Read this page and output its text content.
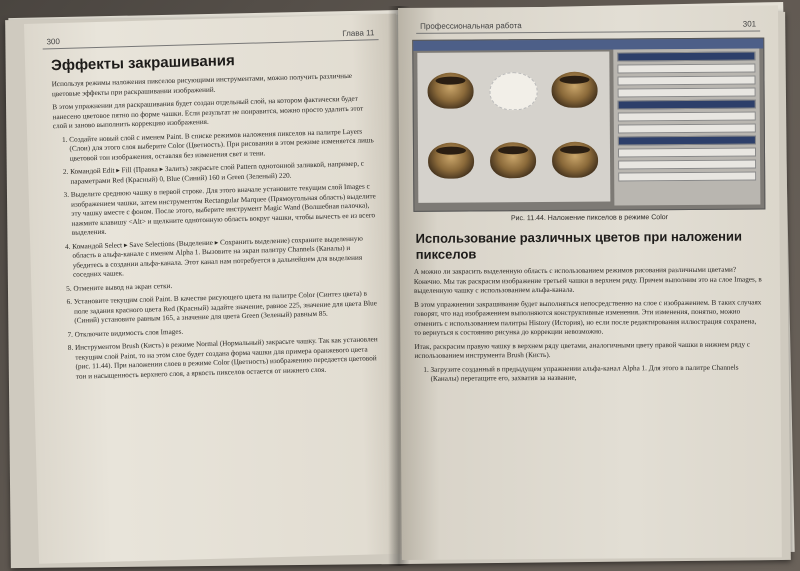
300
Глава 11
Эффекты закрашивания

Используя режимы наложения пикселов рисующими инструментами, можно получить различные цветовые эффекты при раскрашивании изображений.

В этом упражнении для раскрашивания будет создан отдельный слой, на котором фактически будет нанесено цветовое пятно по форме чашки. Если результат не понравится, можно просто удалить этот слой и заново выполнить коррекцию изображения.

1. Создайте новый слой с именем Paint. В списке режимов наложения пикселов на палитре Layers (Слои) для этого слоя выберите Color (Цветность). При рисовании в этом режиме изменяется лишь цветовой тон изображения, оставляя без изменения свет и тени.
2. Командой Edit ▸ Fill (Правка ▸ Залить) закрасьте слой Pattern однотонной заливкой, например, с параметрами Red (Красный) 0, Blue (Синий) 160 и Green (Зеленый) 220.
3. Выделите среднюю чашку в первой строке. Для этого вначале установите текущим слой Images с изображением чашки, затем инструментом Rectangular Marquee (Прямоугольная область) выделите эту чашку вместе с фоном. После этого, выберите инструмент Magic Wand (Волшебная палочка), нажмите клавишу <Alt> и щелкните однотонную область вокруг чашки, чтобы вычесть ее из всего выделения.
4. Командой Select ▸ Save Selections (Выделение ▸ Сохранить выделение) сохраните выделенную область в альфа-канале с именем Alpha 1. Вызовите на экран палитру Channels (Каналы) и убедитесь в создании альфа-канала. Этот канал нам потребуется в дальнейшем для выделения соседних чашек.
5. Отмените вывод на экран сетки.
6. Установите текущим слой Paint. В качестве рисующего цвета на палитре Color (Синтез цвета) в поле задания красного цвета Red (Красный) задайте значение, равное 225, значение для цвета Blue (Синий) установите равным 165, а значение для цвета Green (Зеленый) равным 85.
7. Отключите видимость слоя Images.
8. Инструментом Brush (Кисть) в режиме Normal (Нормальный) закрасьте чашку. Так как установлен текущим слой Paint, то на этом слое будет создана форма чашки для примера оранжевого цвета (рис. 11.44). При наложении слоев в режиме Color (Цветность) изображению передается цветовой тон и насыщенность верхнего слоя, а яркость пикселов остается от нижнего слоя.
Профессиональная работа	301
Рис. 11.44. Наложение пикселов в режиме Color
Использование различных цветов при наложении пикселов

А можно ли закрасить выделенную область с использованием режимов рисования различными цветами? Конечно. Мы так раскрасим изображение третьей чашки в верхнем ряду. Причем выполним это на слое Images, в выделенную чашку с использованием альфа-канала.

В этом упражнении закрашивание будет выполняться непосредственно на слое с изображением. В таких случаях говорят, что над изображением выполняются конструктивные изменения. Эти изменения, понятно, можно отменить с использованием палитры History (История), но если после редактирования иллюстрация сохранена, то вернуться к состоянию рисунка до коррекции невозможно.

Итак, раскрасим правую чашку в верхнем ряду цветами, аналогичными цвету правой чашки в нижнем ряду с использованием инструмента Brush (Кисть).

1. Загрузите созданный в предыдущем упражнении альфа-канал Alpha 1. Для этого в палитре Channels (Каналы) перетащите его, захватив за название,
